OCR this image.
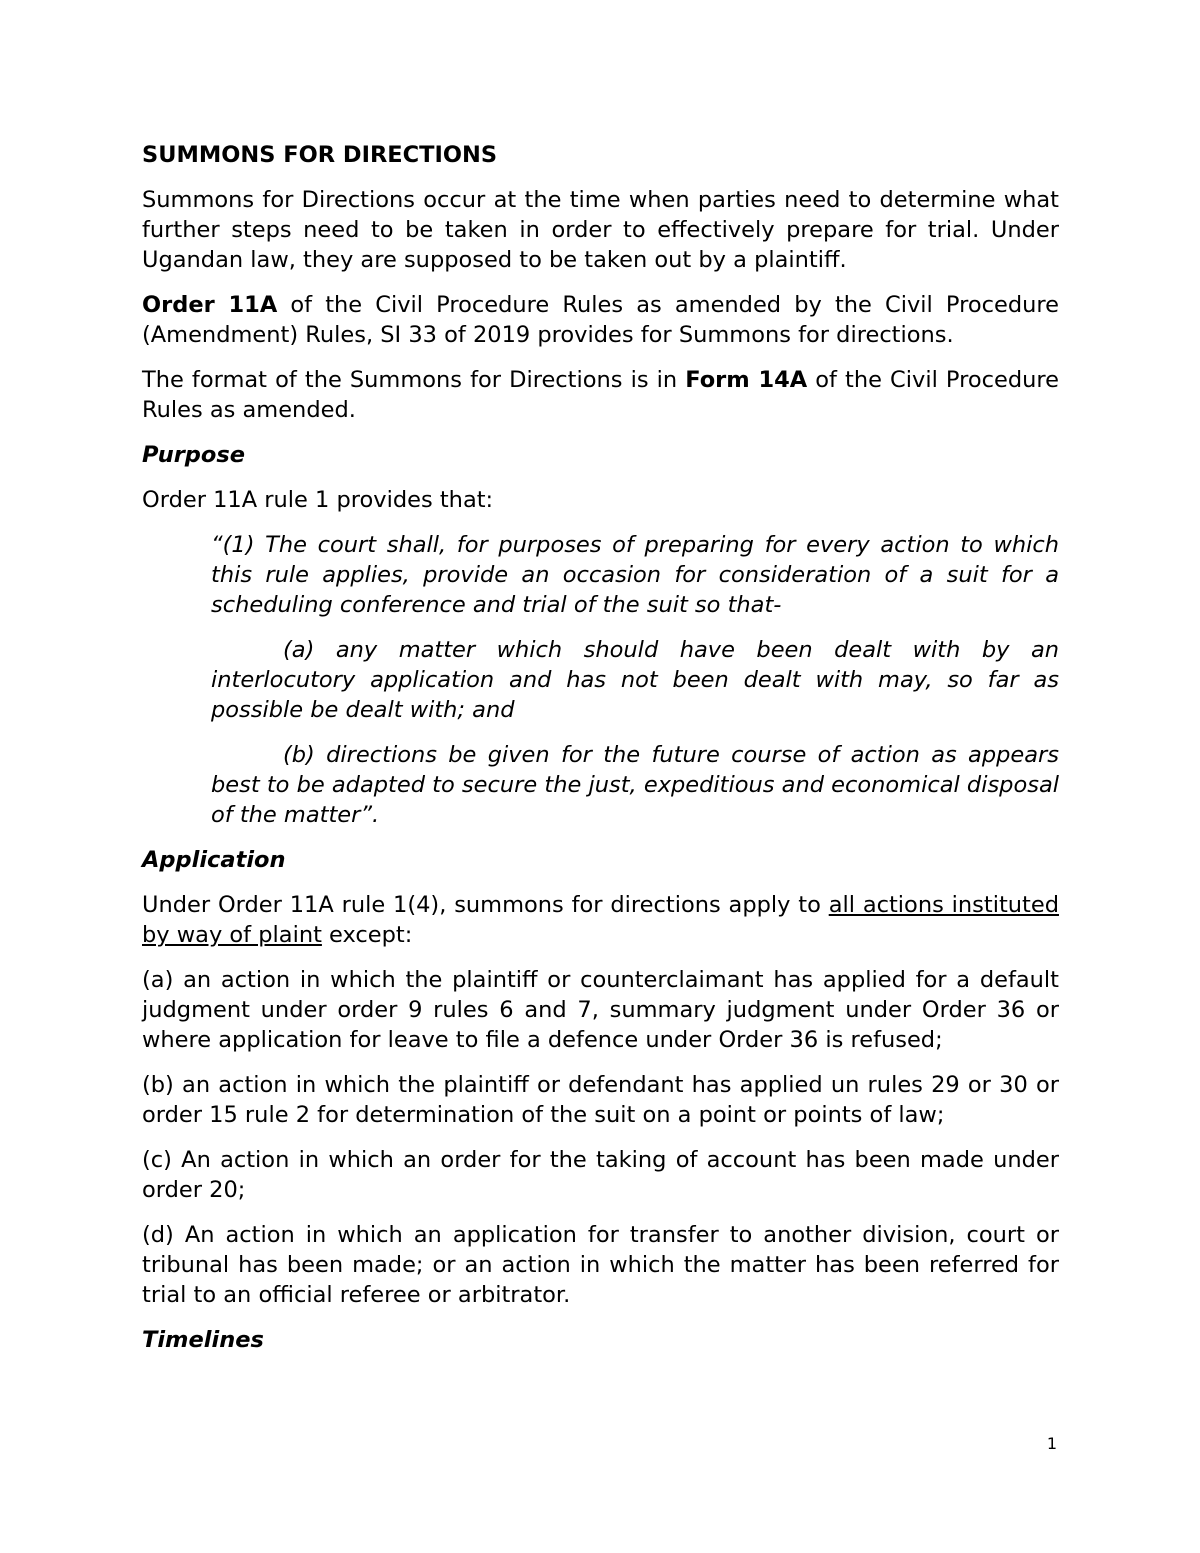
SUMMONS FOR DIRECTIONS

Summons for Directions occur at the time when parties need to determine what further steps need to be taken in order to effectively prepare for trial. Under Ugandan law, they are supposed to be taken out by a plaintiff.

Order 11A of the Civil Procedure Rules as amended by the Civil Procedure (Amendment) Rules, SI 33 of 2019 provides for Summons for directions.

The format of the Summons for Directions is in Form 14A of the Civil Procedure Rules as amended.

Purpose

Order 11A rule 1 provides that:

“(1) The court shall, for purposes of preparing for every action to which this rule applies, provide an occasion for consideration of a suit for a scheduling conference and trial of the suit so that-

(a) any matter which should have been dealt with by an interlocutory application and has not been dealt with may, so far as possible be dealt with; and

(b) directions be given for the future course of action as appears best to be adapted to secure the just, expeditious and economical disposal of the matter”.

Application

Under Order 11A rule 1(4), summons for directions apply to all actions instituted by way of plaint except:

(a) an action in which the plaintiff or counterclaimant has applied for a default judgment under order 9 rules 6 and 7, summary judgment under Order 36 or where application for leave to file a defence under Order 36 is refused;

(b) an action in which the plaintiff or defendant has applied un rules 29 or 30 or order 15 rule 2 for determination of the suit on a point or points of law;

(c) An action in which an order for the taking of account has been made under order 20;

(d) An action in which an application for transfer to another division, court or tribunal has been made; or an action in which the matter has been referred for trial to an official referee or arbitrator.

Timelines
1
